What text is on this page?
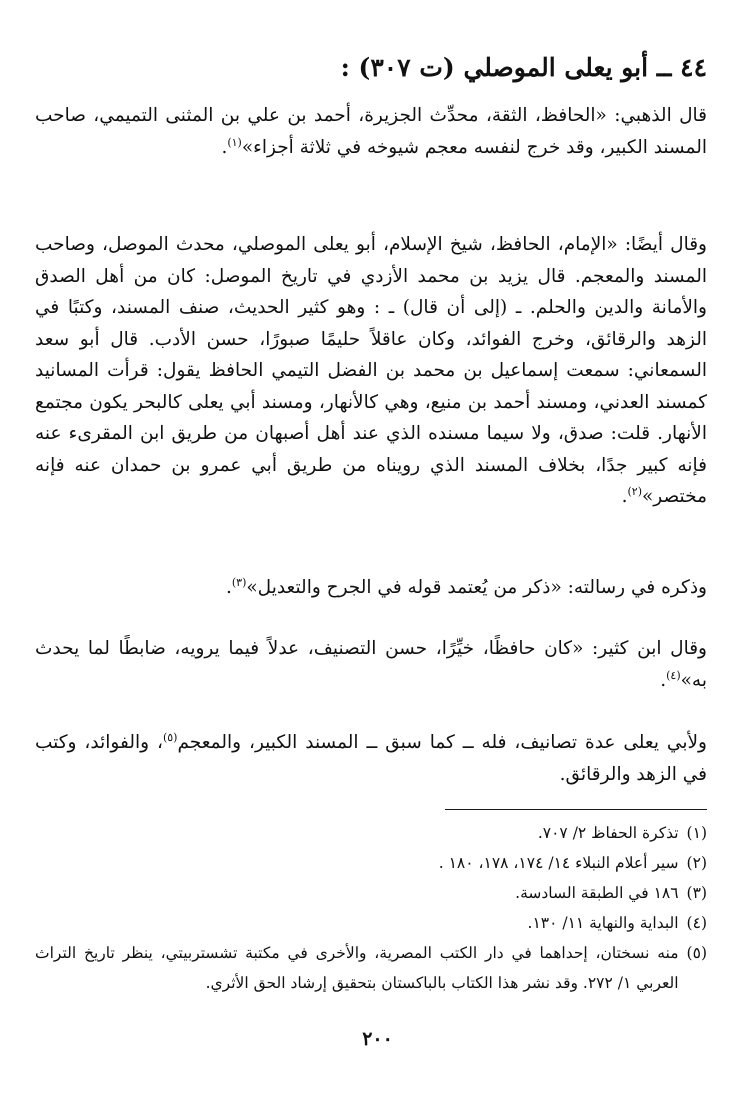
٤٤ ــ أبو يعلى الموصلي (ت ٣٠٧) :

قال الذهبي: «الحافظ، الثقة، محدِّث الجزيرة، أحمد بن علي بن المثنى التميمي، صاحب المسند الكبير، وقد خرج لنفسه معجم شيوخه في ثلاثة أجزاء»$^{(١)}$.

وقال أيضًا: «الإمام، الحافظ، شيخ الإسلام، أبو يعلى الموصلي، محدث الموصل، وصاحب المسند والمعجم. قال يزيد بن محمد الأزدي في تاريخ الموصل: كان من أهل الصدق والأمانة والدين والحلم. ـ (إلى أن قال) ـ : وهو كثير الحديث، صنف المسند، وكتبًا في الزهد والرقائق، وخرج الفوائد، وكان عاقلاً حليمًا صبورًا، حسن الأدب. قال أبو سعد السمعاني: سمعت إسماعيل بن محمد بن الفضل التيمي الحافظ يقول: قرأت المسانيد كمسند العدني، ومسند أحمد بن منيع، وهي كالأنهار، ومسند أبي يعلى كالبحر يكون مجتمع الأنهار. قلت: صدق، ولا سيما مسنده الذي عند أهل أصبهان من طريق ابن المقرىء عنه فإنه كبير جدًا، بخلاف المسند الذي رويناه من طريق أبي عمرو بن حمدان عنه فإنه مختصر»$^{(٢)}$.

وذكره في رسالته: «ذكر من يُعتمد قوله في الجرح والتعديل»$^{(٣)}$.

وقال ابن كثير: «كان حافظًا، خيِّرًا، حسن التصنيف، عدلاً فيما يرويه، ضابطًا لما يحدث به»$^{(٤)}$.

ولأبي يعلى عدة تصانيف، فله ــ كما سبق ــ المسند الكبير، والمعجم$^{(٥)}$، والفوائد، وكتب في الزهد والرقائق.

(١)
تذكرة الحفاظ ٢/ ٧٠٧.
(٢)
سير أعلام النبلاء ١٤/ ١٧٤، ١٧٨، ١٨٠ .
(٣)
١٨٦ في الطبقة السادسة.
(٤)
البداية والنهاية ١١/ ١٣٠.
(٥)
منه نسختان، إحداهما في دار الكتب المصرية، والأخرى في مكتبة تشستربيتي، ينظر تاريخ التراث العربي ١/ ٢٧٢. وقد نشر هذا الكتاب بالباكستان بتحقيق إرشاد الحق الأثري.
٢٠٠
